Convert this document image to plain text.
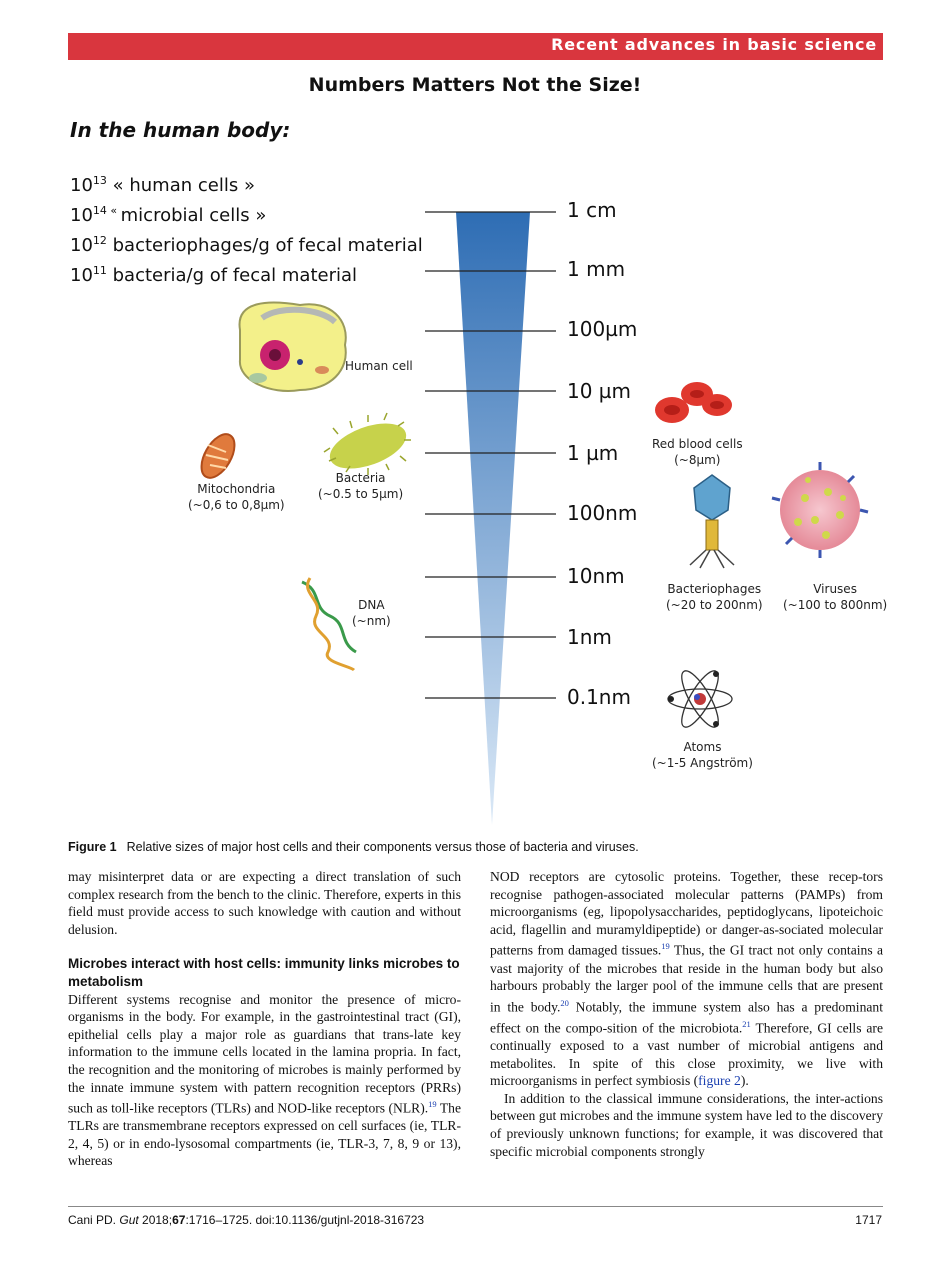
Recent advances in basic science
Numbers Matters Not the Size!
In the human body:
$10^{13}$ « human cells »
$10^{14}$ « microbial cells »
$10^{12}$ bacteriophages/g of fecal material
$10^{11}$ bacteria/g of fecal material
1 cm
1 mm
100µm
10 µm
1 µm
100nm
10nm
1nm
0.1nm
Human cell
Mitochondria
(~0,6 to 0,8µm)
Bacteria
(~0.5 to 5µm)
DNA
(~nm)
Red blood cells
(~8µm)
Bacteriophages
(~20 to 200nm)
Viruses
(~100 to 800nm)
Atoms
(~1-5 Angström)
Figure 1 Relative sizes of major host cells and their components versus those of bacteria and viruses.

may misinterpret data or are expecting a direct translation of such complex research from the bench to the clinic. Therefore, experts in this field must provide access to such knowledge with caution and without delusion.

Microbes interact with host cells: immunity links microbes to metabolism

Different systems recognise and monitor the presence of micro-organisms in the body. For example, in the gastrointestinal tract (GI), epithelial cells play a major role as guardians that trans-late key information to the immune cells located in the lamina propria. In fact, the recognition and the monitoring of microbes is mainly performed by the innate immune system with pattern recognition receptors (PRRs) such as toll-like receptors (TLRs) and NOD-like receptors (NLR).$^{19}$ The TLRs are transmembrane receptors expressed on cell surfaces (ie, TLR-2, 4, 5) or in endo-lysosomal compartments (ie, TLR-3, 7, 8, 9 or 13), whereas

NOD receptors are cytosolic proteins. Together, these recep-tors recognise pathogen-associated molecular patterns (PAMPs) from microorganisms (eg, lipopolysaccharides, peptidoglycans, lipoteichoic acid, flagellin and muramyldipeptide) or danger-as-sociated molecular patterns from damaged tissues.$^{19}$ Thus, the GI tract not only contains a vast majority of the microbes that reside in the human body but also harbours probably the larger pool of the immune cells that are present in the body.$^{20}$ Notably, the immune system also has a predominant effect on the compo-sition of the microbiota.$^{21}$ Therefore, GI cells are continually exposed to a vast number of microbial antigens and metabolites. In spite of this close proximity, we live with microorganisms in perfect symbiosis (figure 2).

In addition to the classical immune considerations, the inter-actions between gut microbes and the immune system have led to the discovery of previously unknown functions; for example, it was discovered that specific microbial components strongly

Cani PD. Gut 2018;67:1716–1725. doi:10.1136/gutjnl-2018-316723	1717
